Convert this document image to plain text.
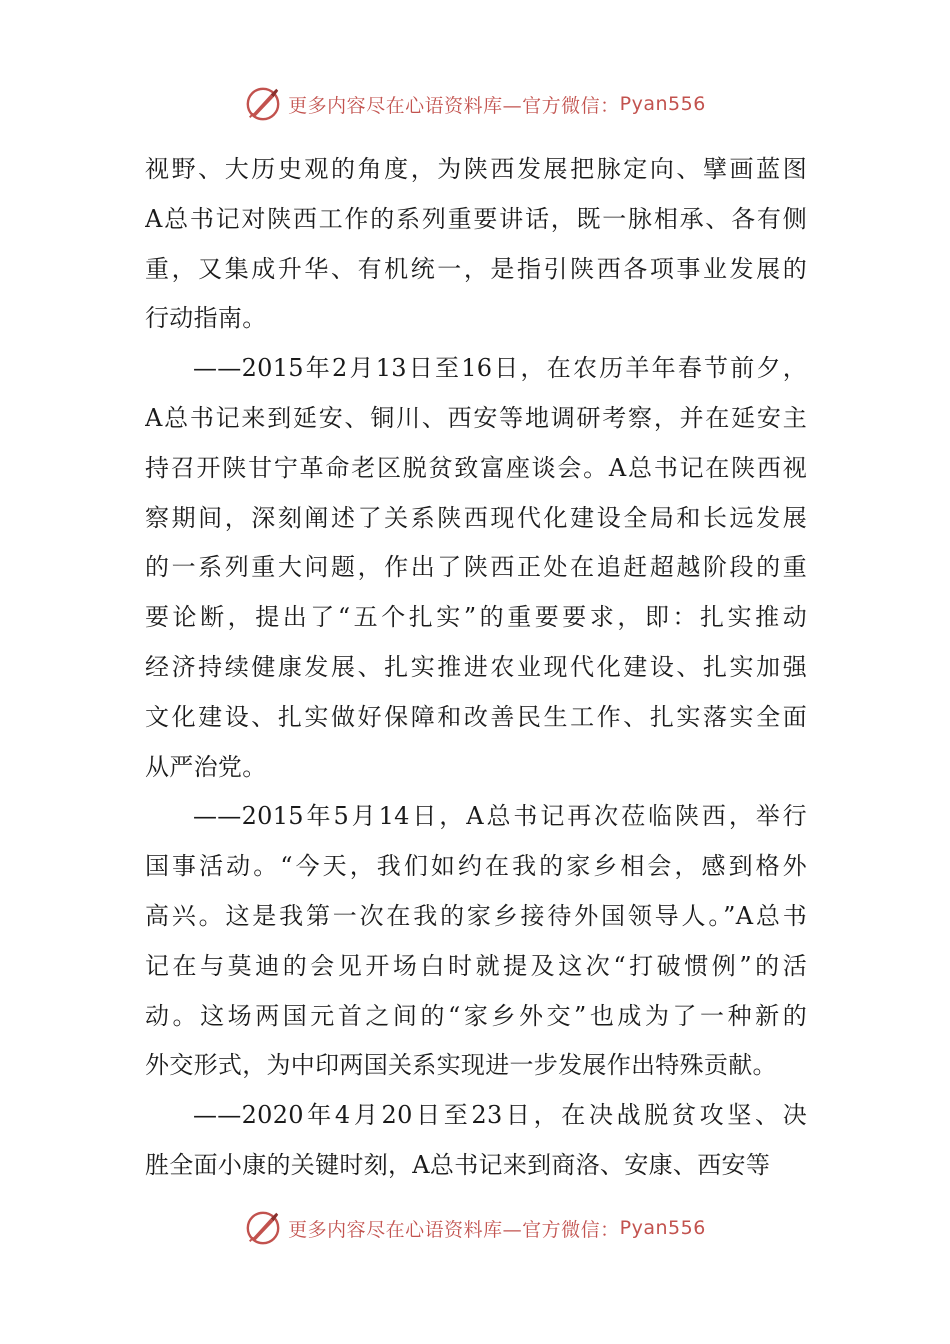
更多内容尽在心语资料库—官方微信： Pyan556
视野、大历史观的角度，为陕西发展把脉定向、擘画蓝图
A总书记对陕西工作的系列重要讲话，既一脉相承、各有侧
重，又集成升华、有机统一，是指引陕西各项事业发展的
行动指南。
——2015年2月13日至16日，在农历羊年春节前夕，
A总书记来到延安、铜川、西安等地调研考察，并在延安主
持召开陕甘宁革命老区脱贫致富座谈会。A总书记在陕西视
察期间，深刻阐述了关系陕西现代化建设全局和长远发展
的一系列重大问题，作出了陕西正处在追赶超越阶段的重
要论断，提出了“五个扎实”的重要要求，即：扎实推动
经济持续健康发展、扎实推进农业现代化建设、扎实加强
文化建设、扎实做好保障和改善民生工作、扎实落实全面
从严治党。
——2015年5月14日，A总书记再次莅临陕西，举行
国事活动。“今天，我们如约在我的家乡相会，感到格外
高兴。这是我第一次在我的家乡接待外国领导人。”A总书
记在与莫迪的会见开场白时就提及这次“打破惯例”的活
动。这场两国元首之间的“家乡外交”也成为了一种新的
外交形式，为中印两国关系实现进一步发展作出特殊贡献。
——2020年4月20日至23日，在决战脱贫攻坚、决
胜全面小康的关键时刻，A总书记来到商洛、安康、西安等
更多内容尽在心语资料库—官方微信： Pyan556
